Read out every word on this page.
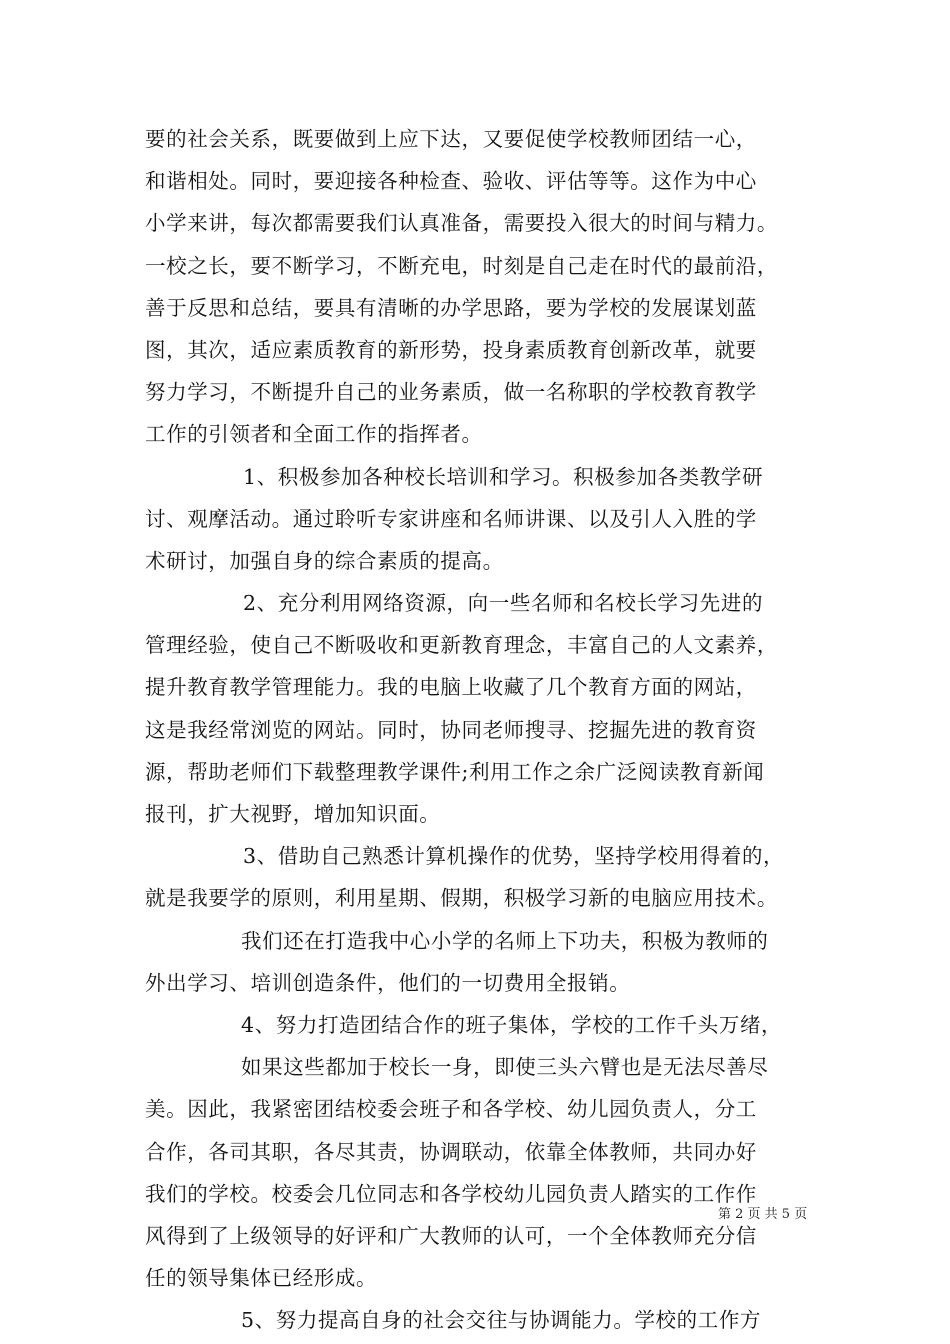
要的社会关系，既要做到上应下达，又要促使学校教师团结一心，
和谐相处。同时，要迎接各种检查、验收、评估等等。这作为中心
小学来讲，每次都需要我们认真准备，需要投入很大的时间与精力。
一校之长，要不断学习，不断充电，时刻是自己走在时代的最前沿，
善于反思和总结，要具有清晰的办学思路，要为学校的发展谋划蓝
图，其次，适应素质教育的新形势，投身素质教育创新改革，就要
努力学习，不断提升自己的业务素质，做一名称职的学校教育教学
工作的引领者和全面工作的指挥者。
1、积极参加各种校长培训和学习。积极参加各类教学研
讨、观摩活动。通过聆听专家讲座和名师讲课、以及引人入胜的学
术研讨，加强自身的综合素质的提高。
2、充分利用网络资源，向一些名师和名校长学习先进的
管理经验，使自己不断吸收和更新教育理念，丰富自己的人文素养，
提升教育教学管理能力。我的电脑上收藏了几个教育方面的网站，
这是我经常浏览的网站。同时，协同老师搜寻、挖掘先进的教育资
源，帮助老师们下载整理教学课件;利用工作之余广泛阅读教育新闻
报刊，扩大视野，增加知识面。
3、借助自己熟悉计算机操作的优势，坚持学校用得着的，
就是我要学的原则，利用星期、假期，积极学习新的电脑应用技术。
我们还在打造我中心小学的名师上下功夫，积极为教师的
外出学习、培训创造条件，他们的一切费用全报销。
4、努力打造团结合作的班子集体，学校的工作千头万绪，
如果这些都加于校长一身，即使三头六臂也是无法尽善尽
美。因此，我紧密团结校委会班子和各学校、幼儿园负责人，分工
合作，各司其职，各尽其责，协调联动，依靠全体教师，共同办好
我们的学校。校委会几位同志和各学校幼儿园负责人踏实的工作作
风得到了上级领导的好评和广大教师的认可，一个全体教师充分信
任的领导集体已经形成。
5、努力提高自身的社会交往与协调能力。学校的工作方
第 2 页 共 5 页
